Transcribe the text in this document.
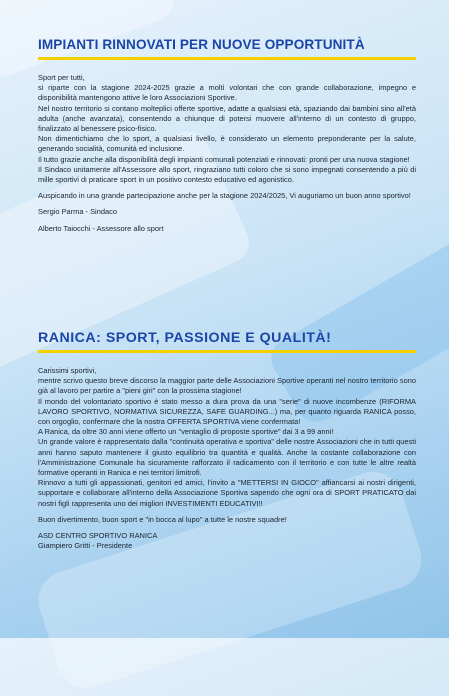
IMPIANTI RINNOVATI PER NUOVE OPPORTUNITÀ

Sport per tutti,

si riparte con la stagione 2024-2025 grazie a moltì volontari che con grande collaborazione, impegno e disponibilità mantengono attive le loro Associazioni Sportive.

Nel nostro territorio si contano molteplici offerte sportive, adatte a qualsiasi età, spaziando dai bambini sino all'età adulta (anche avanzata), consentendo a chiunque di potersi muovere all'interno di un contesto di gruppo, finalizzato al benessere psico-fisico.

Non dimentichiamo che lo sport, a qualsiasi livello, è considerato un elemento preponderante per la salute, generando socialità, comunità ed inclusione.

Il tutto grazie anche alla disponibilità degli impianti comunali potenziati e rinnovati: pronti per una nuova stagione!

Il Sindaco unitamente all'Assessore allo sport, ringraziano tutti coloro che si sono impegnati consentendo a più di mille sportivi di praticare sport in un positivo contesto educativo ed agonistico.

Auspicando in una grande partecipazione anche per la stagione 2024/2025, Vi auguriamo un buon anno sportivo!

Sergio Parma - Sindaco

Alberto Taiocchi - Assessore allo sport

RANICA: SPORT, PASSIONE E QUALITÀ!

Carissimi sportivi,

mentre scrivo questo breve discorso la maggior parte delle Associazioni Sportive operanti nel nostro territorio sono già al lavoro per partire a "pieni giri" con la prossima stagione!

Il mondo del volontariato sportivo è stato messo a dura prova da una "serie" di nuove incombenze (RIFORMA LAVORO SPORTIVO, NORMATIVA SICUREZZA, SAFE GUARDING...) ma, per quanto riguarda RANICA posso, con orgoglio, confermare che la nostra OFFERTA SPORTIVA viene confermata!

A Ranica, da oltre 30 anni viene offerto un "ventaglio di proposte sportive" dai 3 a 99 anni!

Un grande valore è rappresentato dalla "continuità operativa e sportiva" delle nostre Associazioni che in tutti questi anni hanno saputo mantenere il giusto equilibrio tra quantità e qualità. Anche la costante collaborazione con l'Amministrazione Comunale ha sicuramente rafforzato il radicamento con il territorio e con tutte le altre realtà formative operanti in Ranica e nei territori limitrofi.

Rinnovo a tutti gli appassionati, genitori ed amici, l'invito a "METTERSI IN GIOCO" affiancarsi ai nostri dirigenti, supportare e collaborare all'interno della Associazione Sportiva sapendo che ogni ora di SPORT PRATICATO dai nostri figli rappresenta uno dei migliori INVESTIMENTI EDUCATIVI!!

Buon divertimento, buon sport e "in bocca al lupo" a tutte le nostre squadre!

ASD CENTRO SPORTIVO RANICA

Giampiero Gritti - Presidente
